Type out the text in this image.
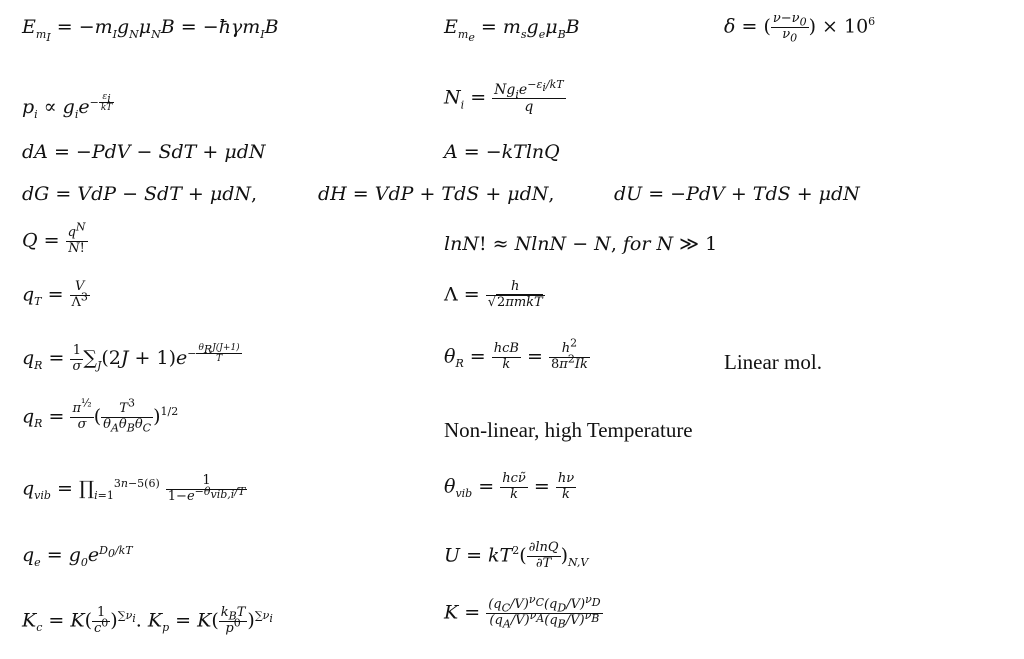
$E_{m_I} = -m_Ig_N\mu_NB$ = −ħγm$_I$B	$E_{m_e} = m_sg_e\mu_BB$	δ = ( $\frac{\nu-\nu_0}{\nu_0}$ ) × $10^6$
$p_i \propto g_ie^{- \frac{\varepsilon_i}{kT}}$	$N_i = \frac{Ng_ie^{-\varepsilon_i/kT}}{q}$
dA = −PdV − SdT + μdN	A = −kTlnQ
dG = VdP − SdT + μdN,	dH = VdP + TdS + μdN,	dU = −PdV + TdS + μdN
$Q = \frac{q^N}{N!}$	lnN! ≈ NlnN − N, for N ≫ 1
$q_T = \frac{V}{\Lambda^3}$	$\Lambda = \frac{h}{\text{√2πmkT}}$
$q_R = \frac{1}{\sigma} \sum_J(2J + 1)e^{- \frac{\theta_RJ(J+1)}{T}}$	$\theta_R = \frac{\text{hcB}}{k} = \frac{h^2}{8\pi^2Ik}$	Linear mol.
$q_R = \frac{\pi^{\frac{1}{2}}}{\sigma}$ ( $\frac{T^3}{\theta_A\theta_B\theta_C} )^{1/2}$
Non-linear, high Temperature
$q_{vib}$ = $\prod_{i=1}^{3n-5(6)} \frac{1}{1-e^{-\theta_{vib,i}/T}}$	$\theta_{vib} = \frac{\text{hcν̃}}{k} = \frac{h\nu}{k}$
$q_e = g_0e^{D_0/kT}$	$U = kT^2( \frac{\partial\ln Q}{\partial T} )_{N,V}$
$K_c = K( \frac{1}{c^0} )^{\sum\nu_i}$. $K_p = K( \frac{k_BT}{p^0} )^{\sum\nu_i}$	$K = \frac{(q_C/V)^{\nu_C}(q_D/V)^{\nu_D}}{(q_A/V)^{\nu_A}(q_B/V)^{\nu_B}}$
